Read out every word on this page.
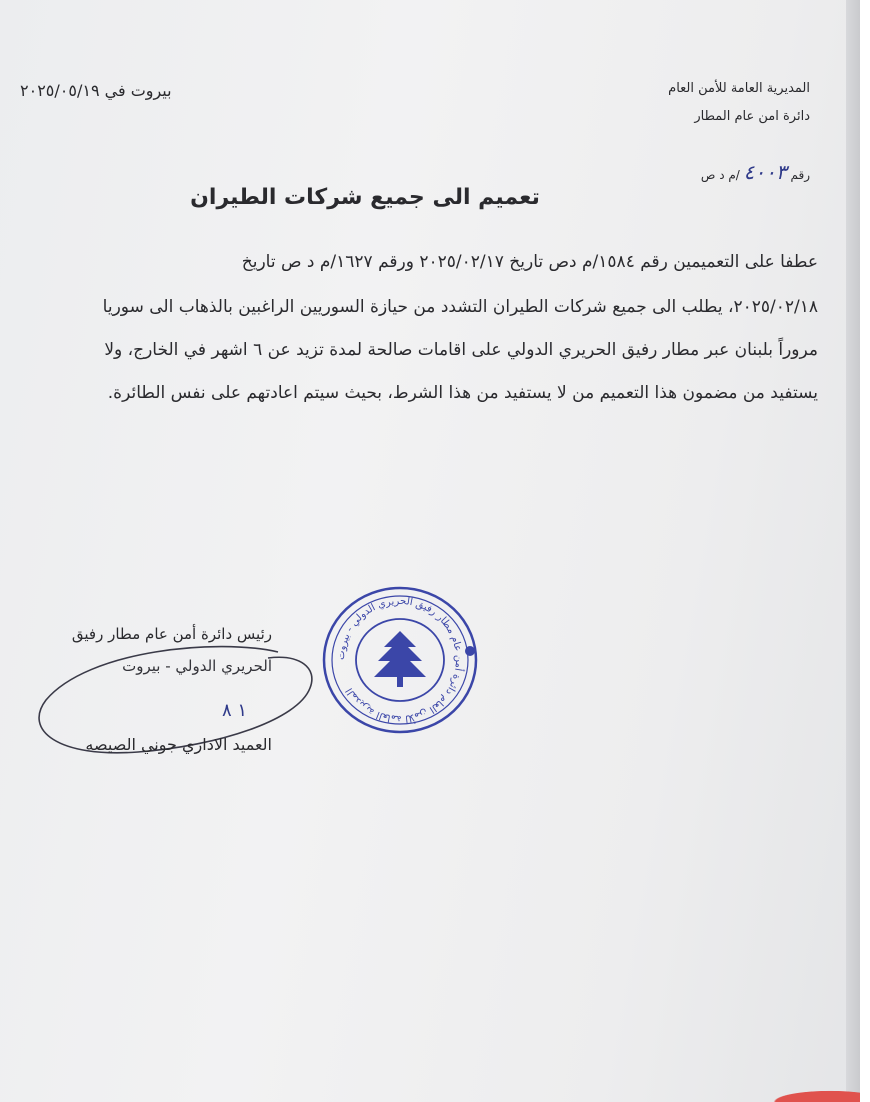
المديرية العامة للأمن العام
دائرة امن عام المطار
رقم ٤٠٠٣ /م د ص
بيروت في ٢٠٢٥/٠٥/١٩
تعميم الى جميع شركات الطيران
عطفا على التعميمين رقم ١٥٨٤/م دص تاريخ ٢٠٢٥/٠٢/١٧ ورقم ١٦٢٧/م د ص تاريخ
٢٠٢٥/٠٢/١٨، يطلب الى جميع شركات الطيران التشدد من حيازة السوريين الراغبين بالذهاب الى سوريا
مروراً بلبنان عبر مطار رفيق الحريري الدولي على اقامات صالحة لمدة تزيد عن ٦ اشهر في الخارج، ولا
يستفيد من مضمون هذا التعميم من لا يستفيد من هذا الشرط، بحيث سيتم اعادتهم على نفس الطائرة.
رئيس دائرة أمن عام مطار رفيق
الحريري الدولي - بيروت
١ ٨
العميد الاداري جوني الصيصه
المديرية العامة للأمن العام دائرة أمن عام مطار رفيق الحريري الدولي - بيروت
